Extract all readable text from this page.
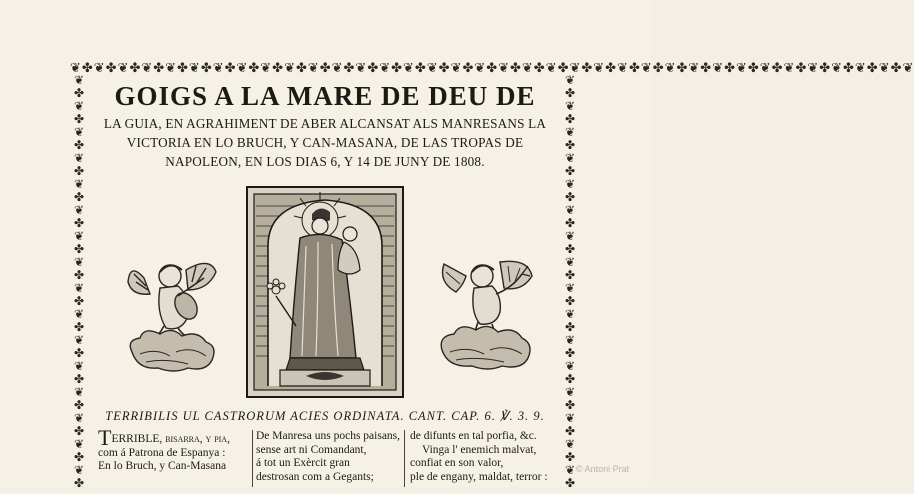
❦✤❦✤❦✤❦✤❦✤❦✤❦✤❦✤❦✤❦✤❦✤❦✤❦✤❦✤❦✤❦✤❦✤❦✤❦✤❦✤❦✤❦✤❦✤❦✤❦✤❦✤❦✤❦✤❦✤❦✤❦✤❦✤❦✤❦✤❦✤❦
❦
✤
❦
✤
❦
✤
❦
✤
❦
✤
❦
✤
❦
✤
❦
✤
❦
✤
❦
✤
❦
✤
❦
✤
❦
✤
❦
✤
❦
✤
❦
✤
❦
✤
❦
✤
❦
✤
❦
✤
❦
✤
❦
✤
❦
✤
❦
✤
❦
✤
❦
✤
❦
✤
❦
✤
❦
✤
❦
✤
❦
✤
❦
✤
GOIGS A LA MARE DE DEU DE
LA GUIA, EN AGRAHIMENT DE ABER ALCANSAT ALS MANRESANS LA
VICTORIA EN LO BRUCH, Y CAN-MASANA, DE LAS TROPAS DE
NAPOLEON, EN LOS DIAS 6, Y 14 DE JUNY DE 1808.
TERRIBILIS UL CASTRORUM ACIES ORDINATA. CANT. CAP. 6. ℣. 3. 9.
TERRIBLE, bisarra, y pia,
com á Patrona de Espanya :
En lo Bruch, y Can-Masana
De Manresa uns pochs paisans,
sense art ni Comandant,
á tot un Exèrcit gran
destrosan com a Gegants;
de difunts en tal porfia, &c.
Vinga l' enemich malvat,
confiat en son valor,
ple de engany, maldat, terror :
© Antoni Prat
